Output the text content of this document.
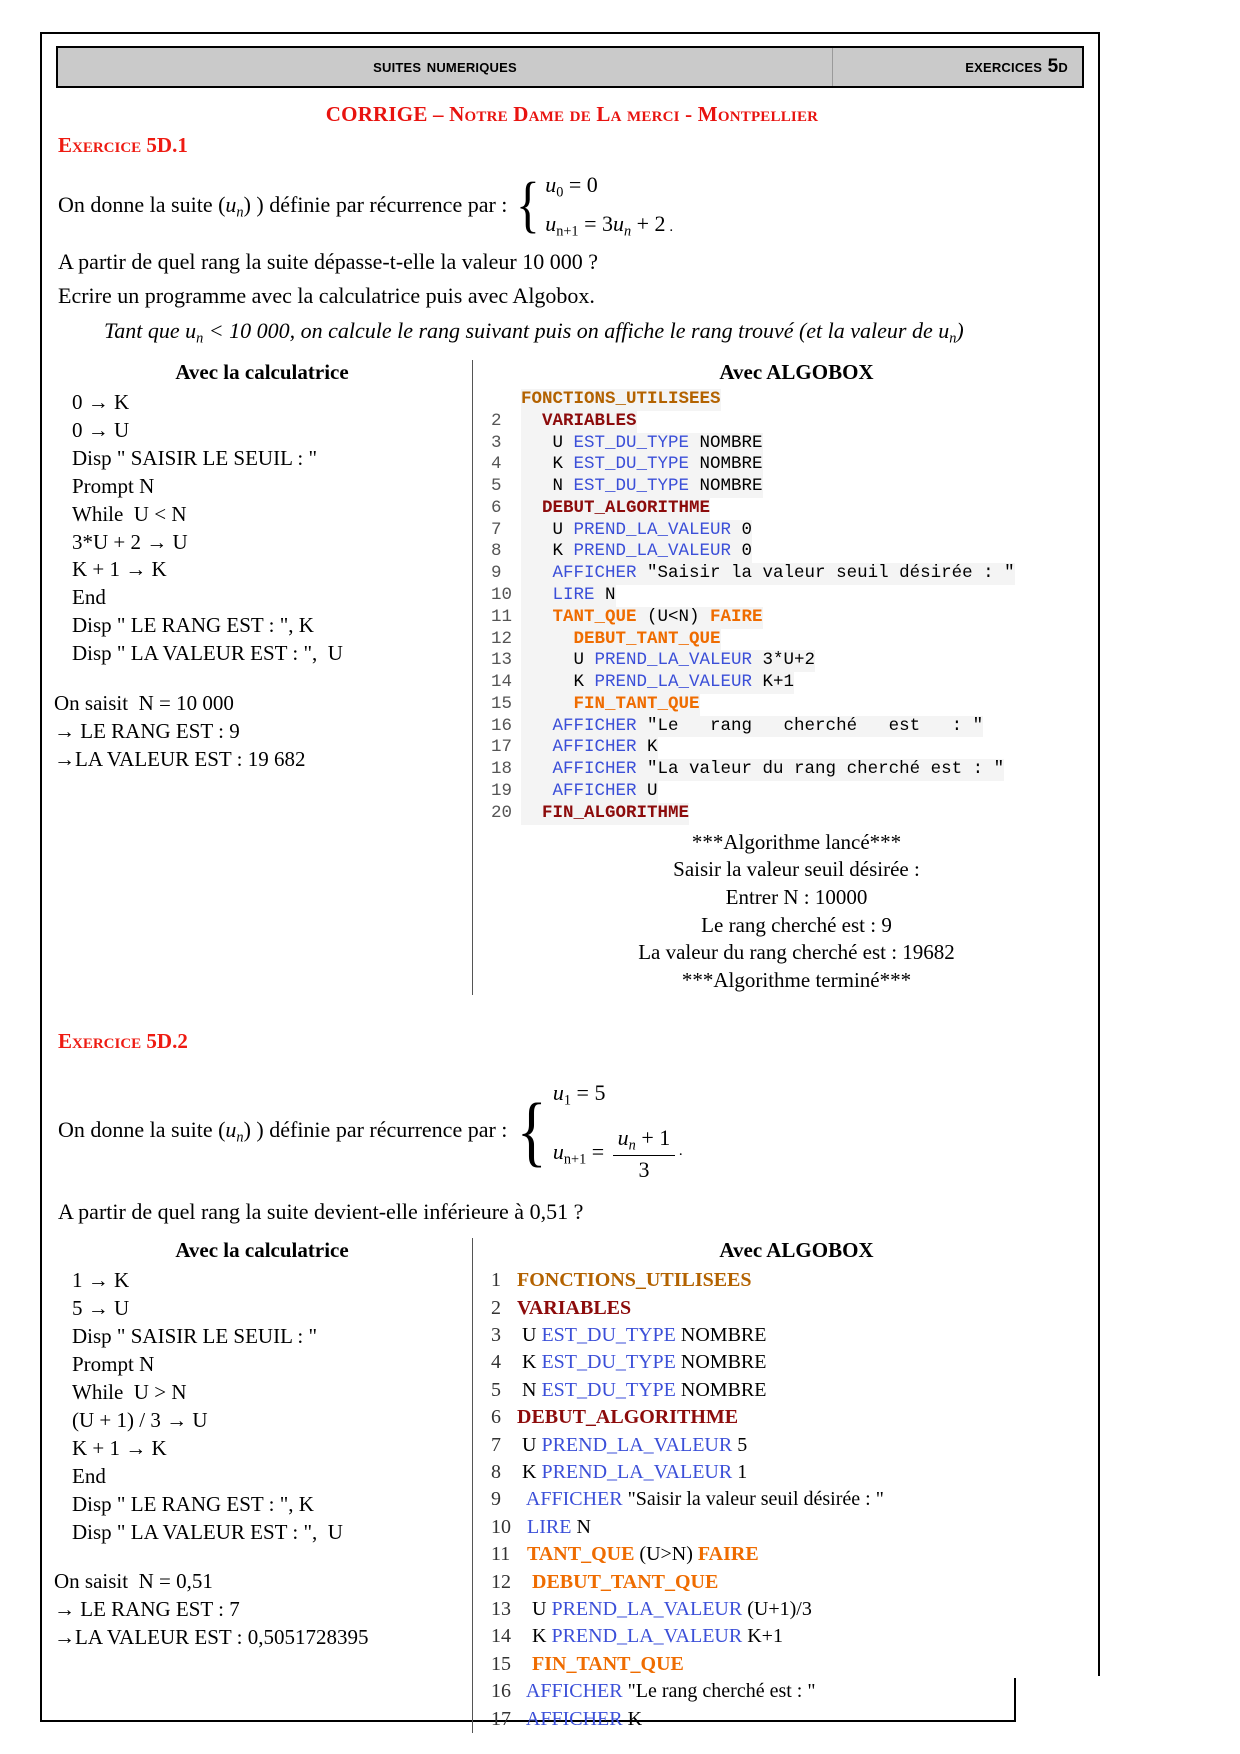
suites numeriques	exercices 5d
CORRIGE – Notre Dame de La merci - Montpellier
Exercice 5D.1
On donne la suite $(u_n)$ ) définie par récurrence par : { $u_0 = 0$
$u_{n+1} = 3u_n + 2$ .
A partir de quel rang la suite dépasse-t-elle la valeur 10 000 ?
Ecrire un programme avec la calculatrice puis avec Algobox.
Tant que $u_n < 10$ 000, on calcule le rang suivant puis on affiche le rang trouvé (et la valeur de $u_n$)
Avec la calculatrice
0 → K
0 → U
Disp " SAISIR LE SEUIL : "
Prompt N
While  U < N
3*U + 2 → U
K + 1 → K
End
Disp " LE RANG EST : ", K
Disp " LA VALEUR EST : ",  U
On saisit  N = 10 000
→ LE RANG EST : 9
→LA VALEUR EST : 19 682
Avec ALGOBOX
FONCTIONS_UTILISEES
2	VARIABLES
3	U EST_DU_TYPE NOMBRE
4	K EST_DU_TYPE NOMBRE
5	N EST_DU_TYPE NOMBRE
6	DEBUT_ALGORITHME
7	U PREND_LA_VALEUR 0
8	K PREND_LA_VALEUR 0
9	AFFICHER "Saisir la valeur seuil désirée : "
10	LIRE N
11	TANT_QUE (U<N) FAIRE
12	DEBUT_TANT_QUE
13 U PREND_LA_VALEUR 3*U+2
14 K PREND_LA_VALEUR K+1
15	FIN_TANT_QUE
16	AFFICHER "Le   rang   cherché   est   : "
17	AFFICHER K
18	AFFICHER "La valeur du rang cherché est : "
19	AFFICHER U
20	FIN_ALGORITHME
***Algorithme lancé***
Saisir la valeur seuil désirée :
Entrer N : 10000
Le rang cherché est : 9
La valeur du rang cherché est : 19682
***Algorithme terminé***
Exercice 5D.2
On donne la suite $(u_n)$ ) définie par récurrence par : { $u_1 = 5$
$u_{n+1} = \frac{u_n + 1}{3}$ ·
A partir de quel rang la suite devient-elle inférieure à 0,51 ?
Avec la calculatrice
1 → K
5 → U
Disp " SAISIR LE SEUIL : "
Prompt N
While  U > N
(U + 1) / 3 → U
K + 1 → K
End
Disp " LE RANG EST : ", K
Disp " LA VALEUR EST : ",  U
On saisit  N = 0,51
→ LE RANG EST : 7
→LA VALEUR EST : 0,5051728395
Avec ALGOBOX
1 FONCTIONS_UTILISEES
2 VARIABLES
3 U EST_DU_TYPE NOMBRE
4 K EST_DU_TYPE NOMBRE
5 N EST_DU_TYPE NOMBRE
6 DEBUT_ALGORITHME
7 U PREND_LA_VALEUR 5
8 K PREND_LA_VALEUR 1
9	AFFICHER "Saisir la valeur seuil désirée : "
10 LIRE N
11 TANT_QUE (U>N) FAIRE
12	DEBUT_TANT_QUE
13 U PREND_LA_VALEUR (U+1)/3
14 K PREND_LA_VALEUR K+1
15	FIN_TANT_QUE
16 AFFICHER "Le rang cherché est : "
17 AFFICHER K
